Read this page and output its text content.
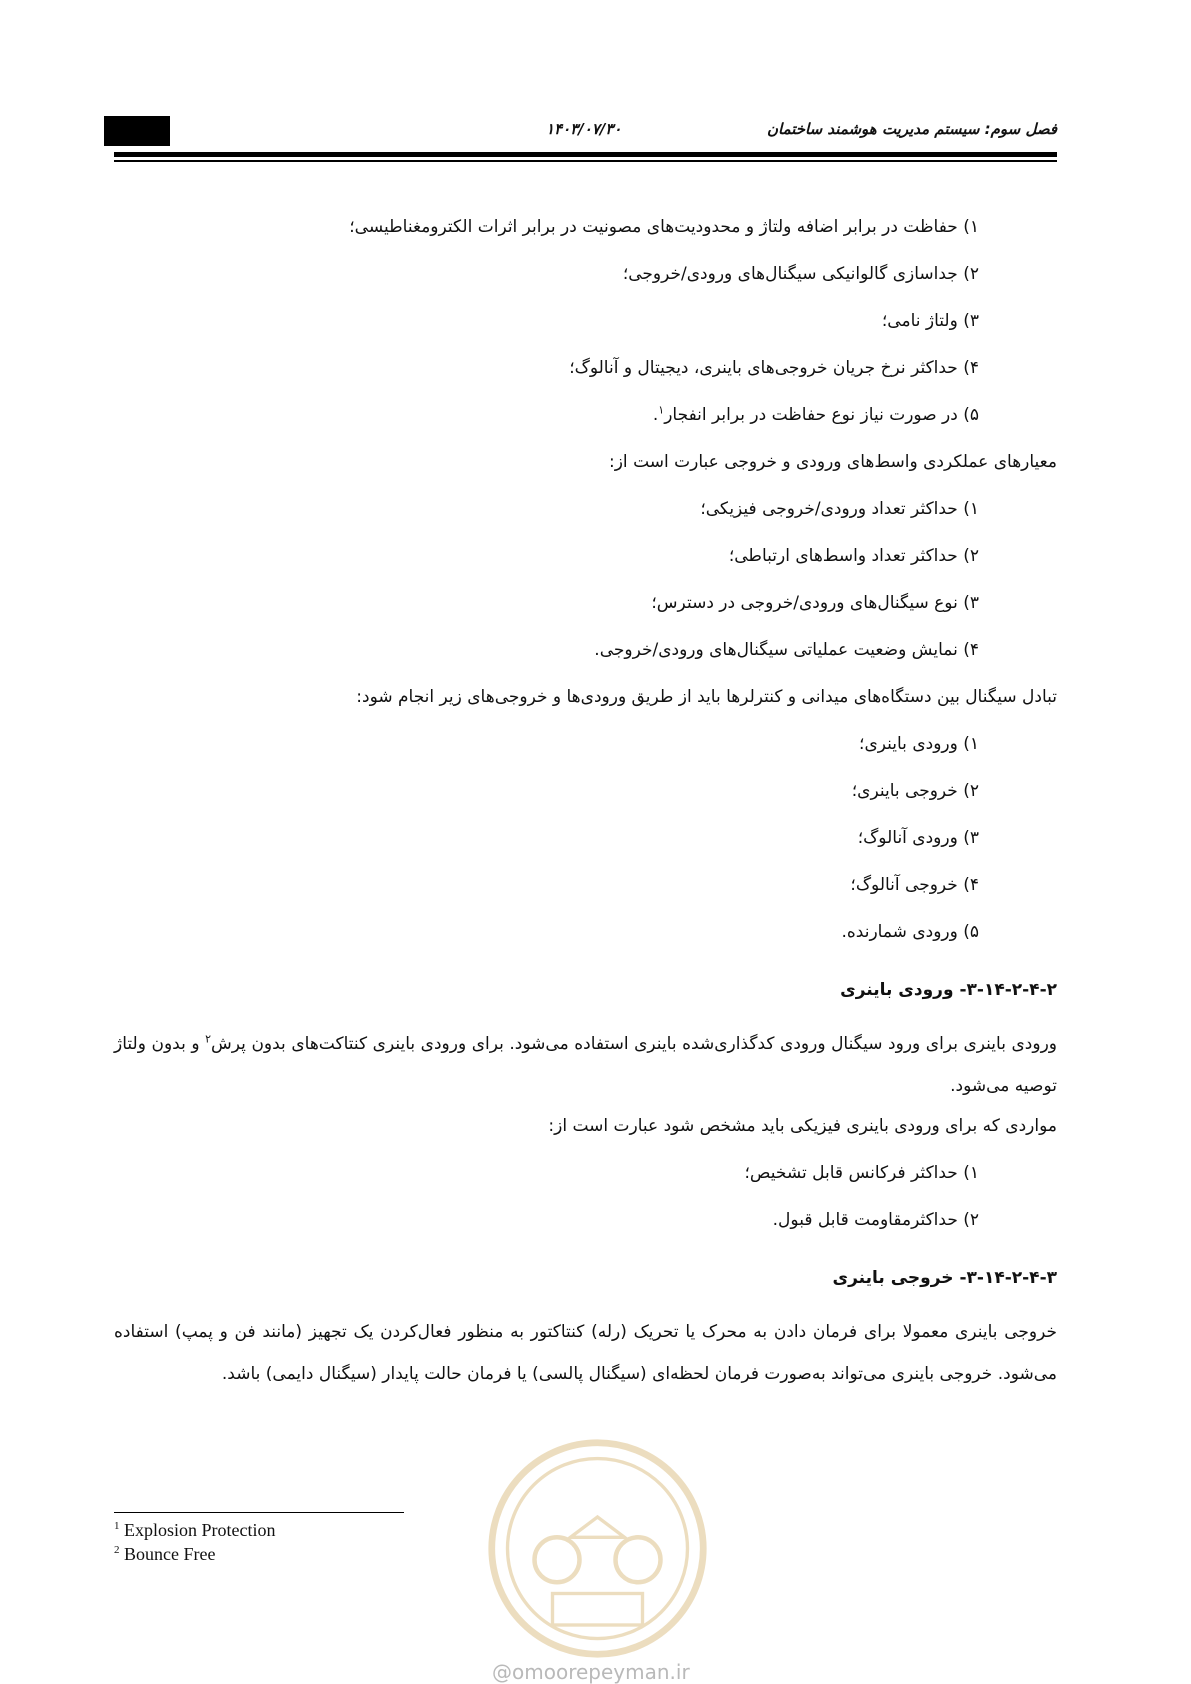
۱۴۰۳/۰۷/۳۰	فصل سوم: سیستم مدیریت هوشمند ساختمان

۱) حفاظت در برابر اضافه ولتاژ و محدودیت‌های مصونیت در برابر اثرات الکترومغناطیسی؛

۲) جداسازی گالوانیکی سیگنال‌های ورودی/خروجی؛

۳) ولتاژ نامی؛

۴) حداکثر نرخ جریان خروجی‌های باینری، دیجیتال و آنالوگ؛

۵) در صورت نیاز نوع حفاظت در برابر انفجار$^۱$.

معیارهای عملکردی واسط‌های ورودی و خروجی عبارت است از:

۱) حداکثر تعداد ورودی/خروجی فیزیکی؛

۲) حداکثر تعداد واسط‌های ارتباطی؛

۳) نوع سیگنال‌های ورودی/خروجی در دسترس؛

۴) نمایش وضعیت عملیاتی سیگنال‌های ورودی/خروجی.

تبادل سیگنال بین دستگاه‌های میدانی و کنترلرها باید از طریق ورودی‌ها و خروجی‌های زیر انجام شود:

۱) ورودی باینری؛

۲) خروجی باینری؛

۳) ورودی آنالوگ؛

۴) خروجی آنالوگ؛

۵) ورودی شمارنده.

۳-۱۴-۲-۴-۲- ورودی باینری

ورودی باینری برای ورود سیگنال ورودی کدگذاری‌شده باینری استفاده می‌شود. برای ورودی باینری کنتاکت‌های بدون پرش$^۲$ و بدون ولتاژ توصیه می‌شود.

مواردی که برای ورودی باینری فیزیکی باید مشخص شود عبارت است از:

۱) حداکثر فرکانس قابل تشخیص؛

۲) حداکثرمقاومت قابل قبول.

۳-۱۴-۲-۴-۳- خروجی باینری

خروجی باینری معمولا برای فرمان دادن به محرک یا تحریک (رله) کنتاکتور به منظور فعال‌کردن یک تجهیز (مانند فن و پمپ) استفاده می‌شود. خروجی باینری می‌تواند به‌صورت فرمان لحظه‌ای (سیگنال پالسی) یا فرمان حالت پایدار (سیگنال دایمی) باشد.

$^1$ Explosion Protection
$^2$ Bounce Free
@omoorepeyman.ir
